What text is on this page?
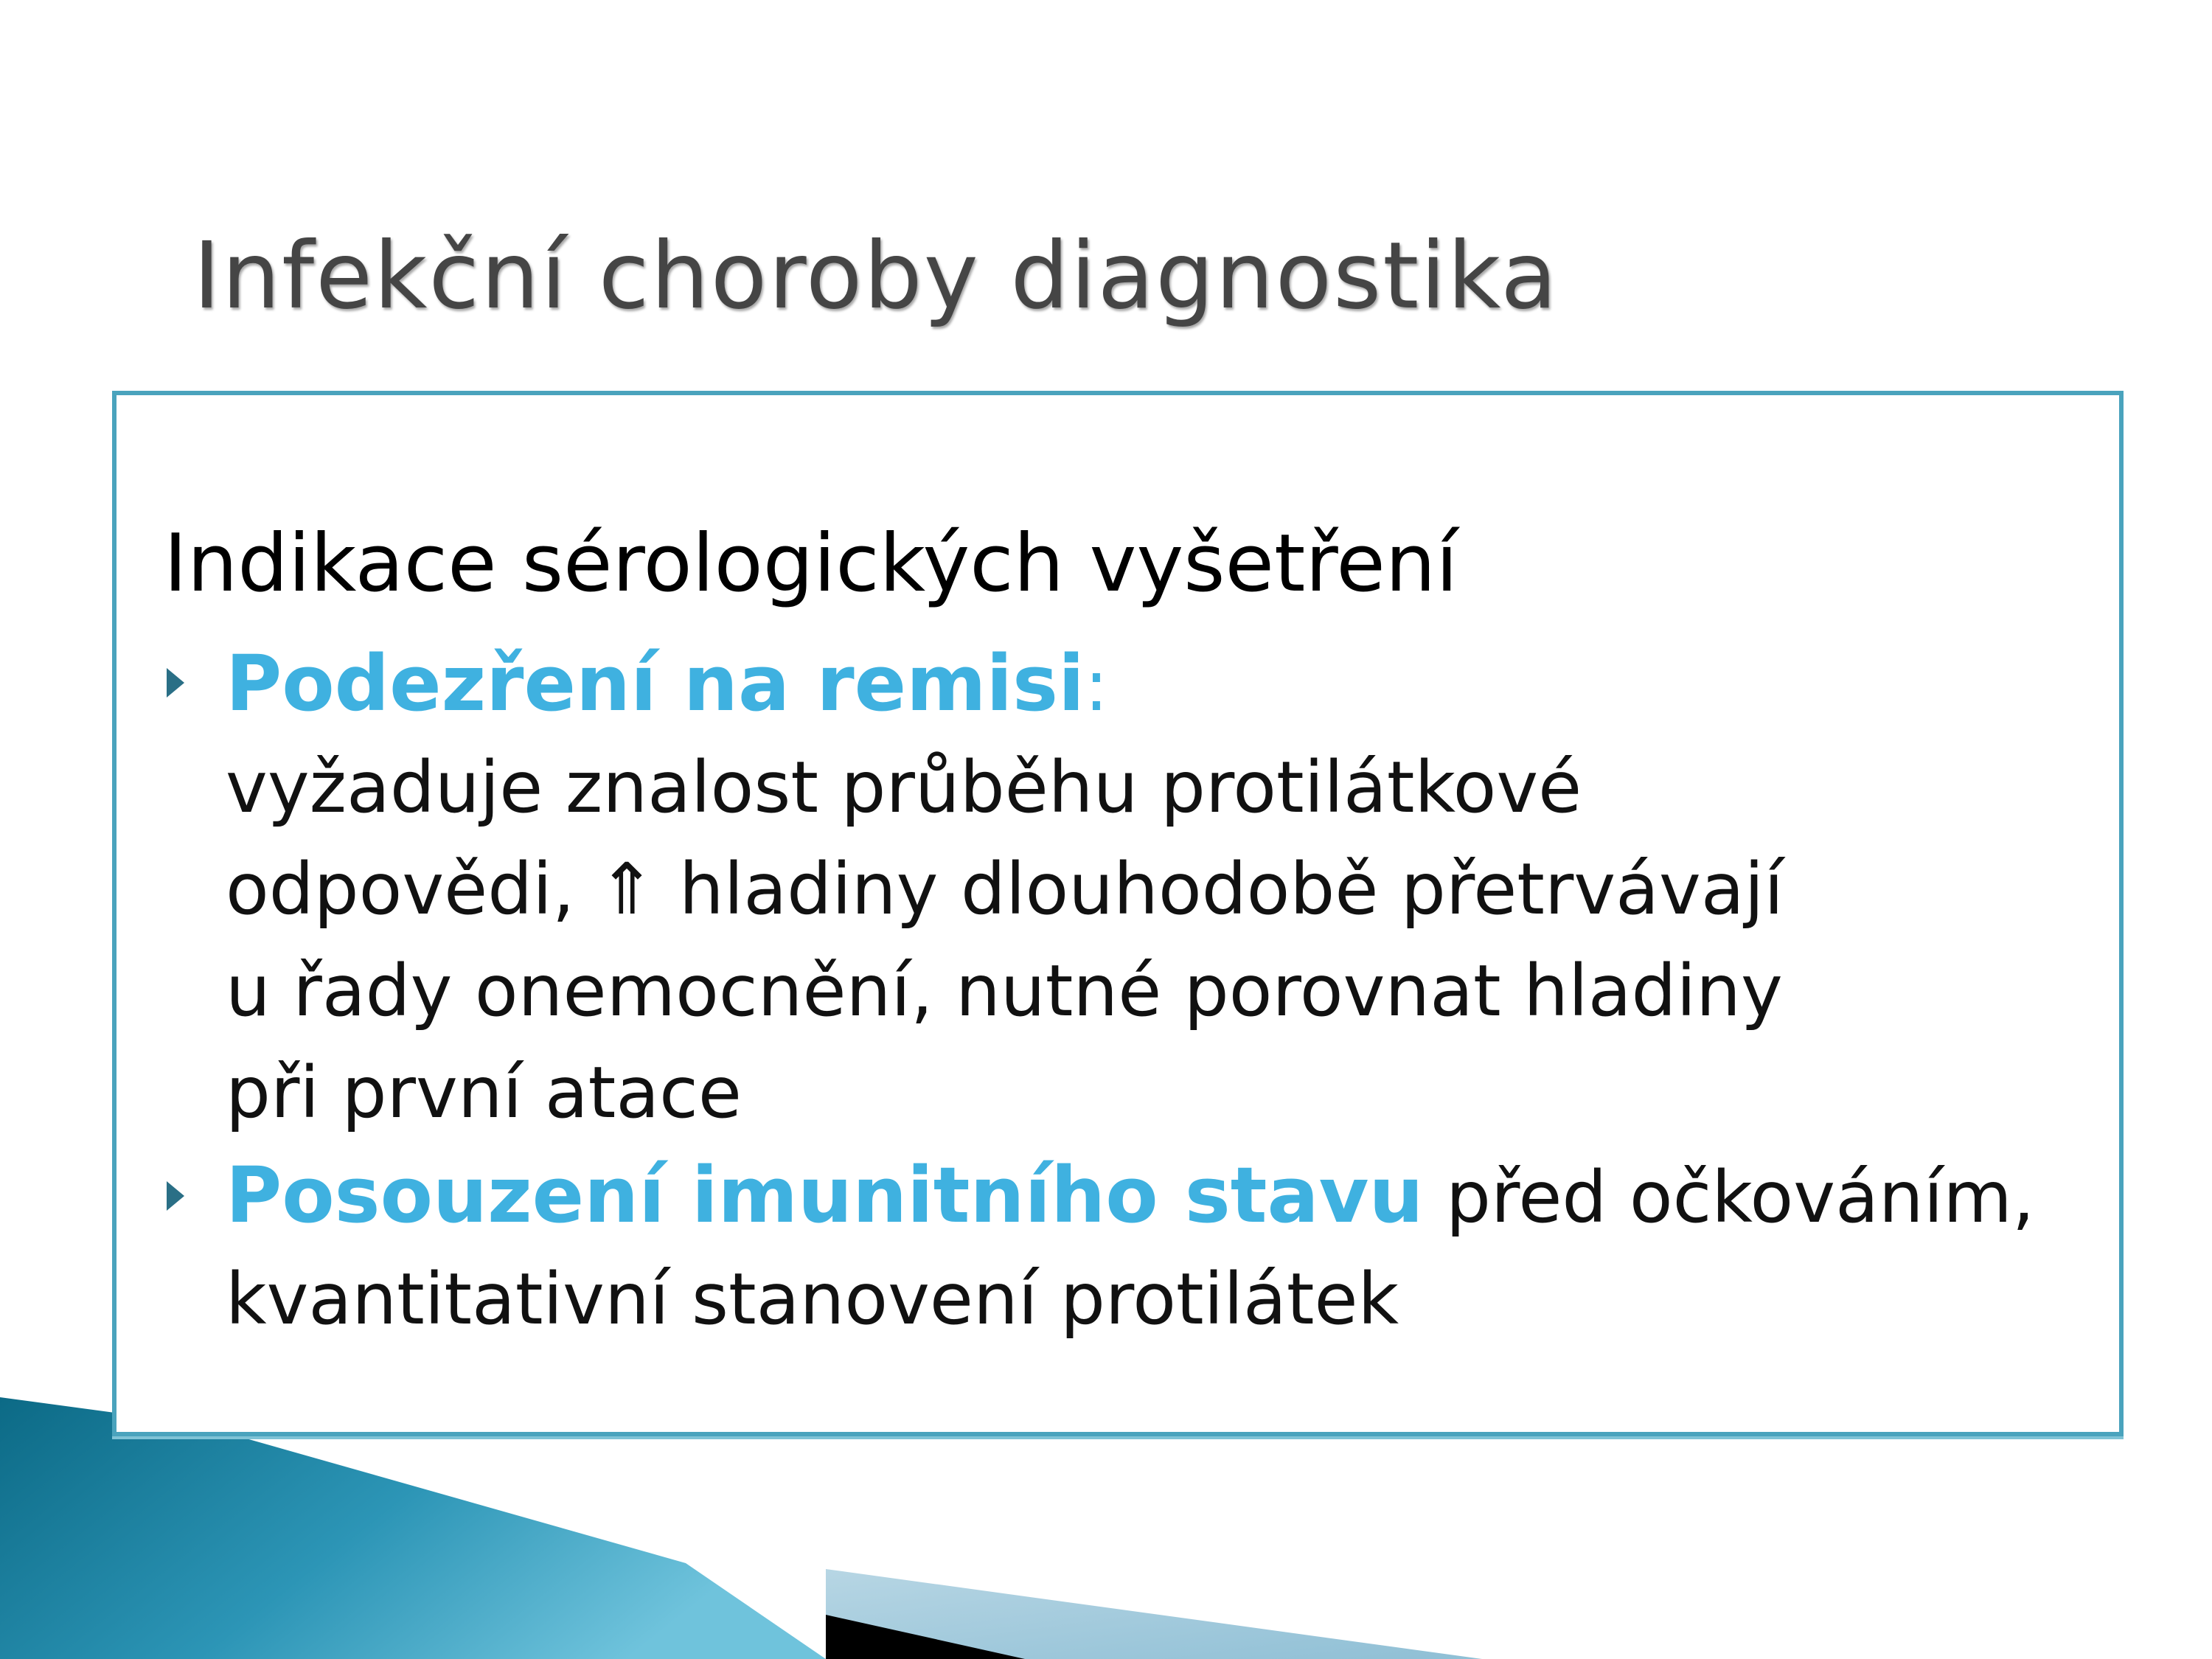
Infekční choroby diagnostika
Indikace sérologických vyšetření
Podezření na remisi:
vyžaduje znalost průběhu protilátkové
odpovědi, ⇑ hladiny dlouhodobě přetrvávají
u řady onemocnění, nutné porovnat hladiny
při první atace
Posouzení imunitního stavu před očkováním,
kvantitativní stanovení protilátek
